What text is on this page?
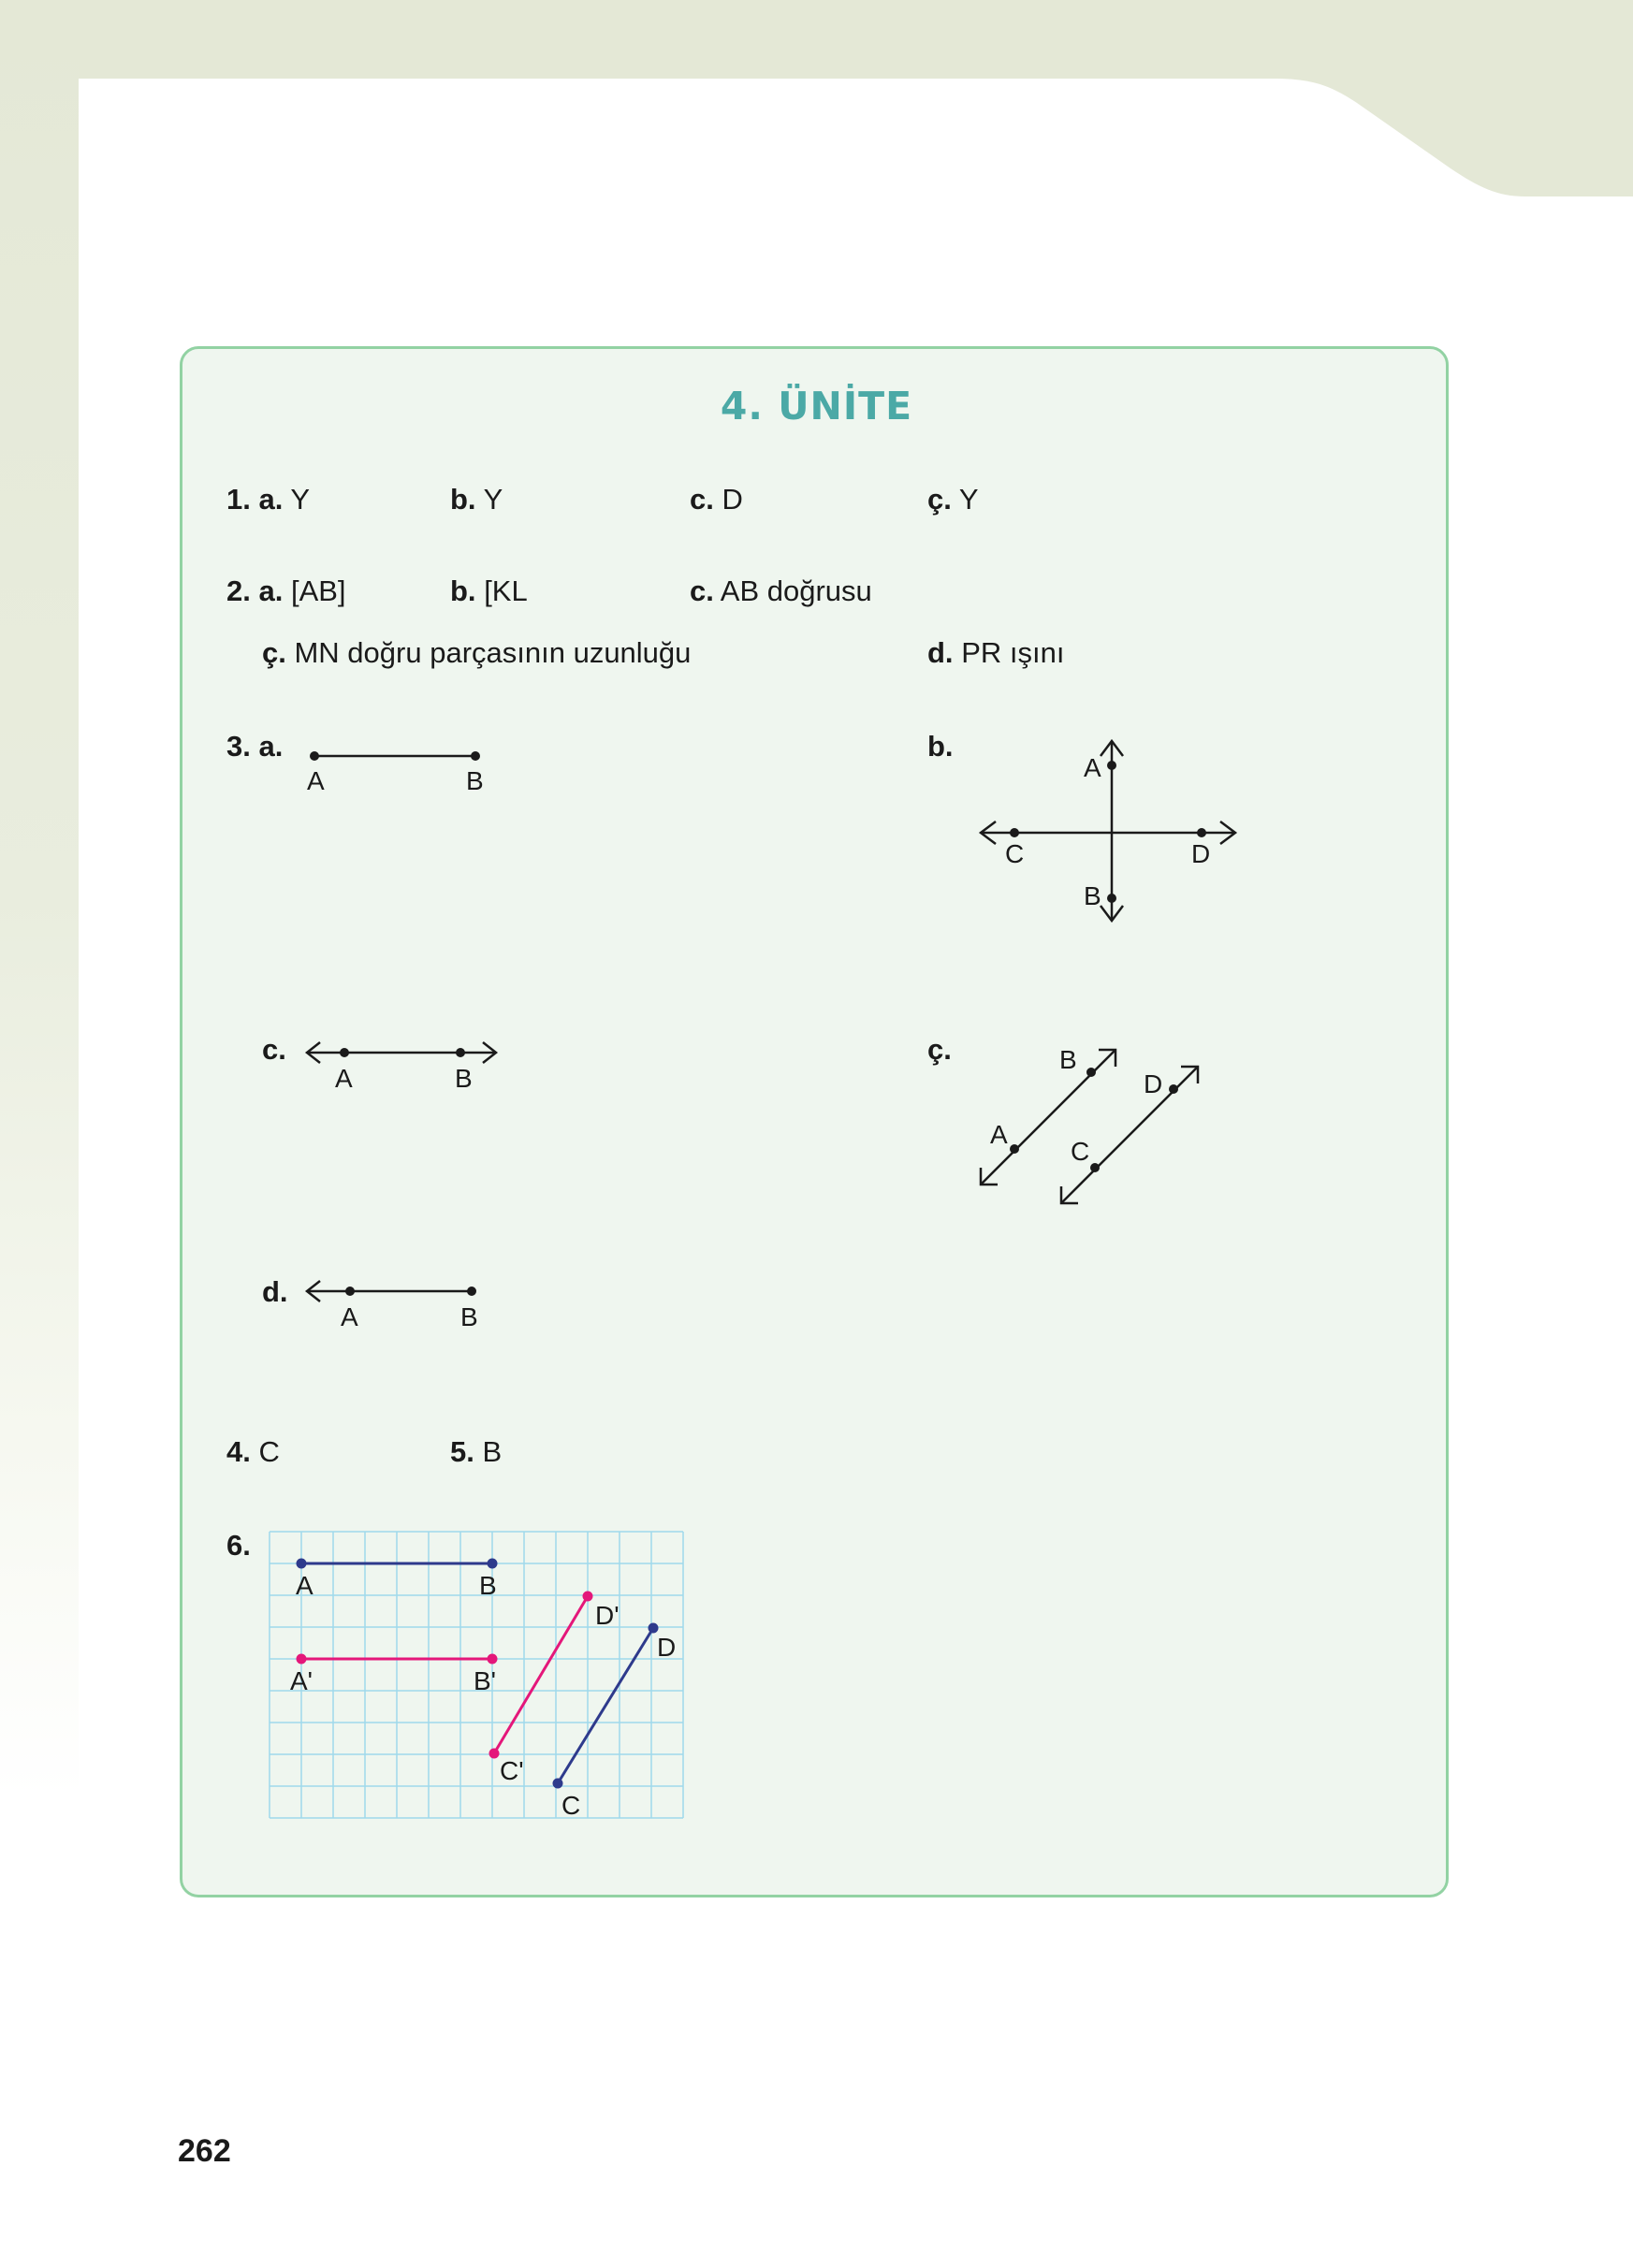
4. ÜNİTE
1. a. Y	b. Y	c. D	ç. Y
2. a. [AB]	b. [KL	c. AB doğrusu
ç. MN doğru parçasının uzunluğu	d. PR ışını
3. a.	b.
c.	ç.
d.
A	B	A
B
C	D
A	B
A
B
C
D
A	B
4. C	5. B
6.
A	B
C
D
A'	B'
C'
D'
262
